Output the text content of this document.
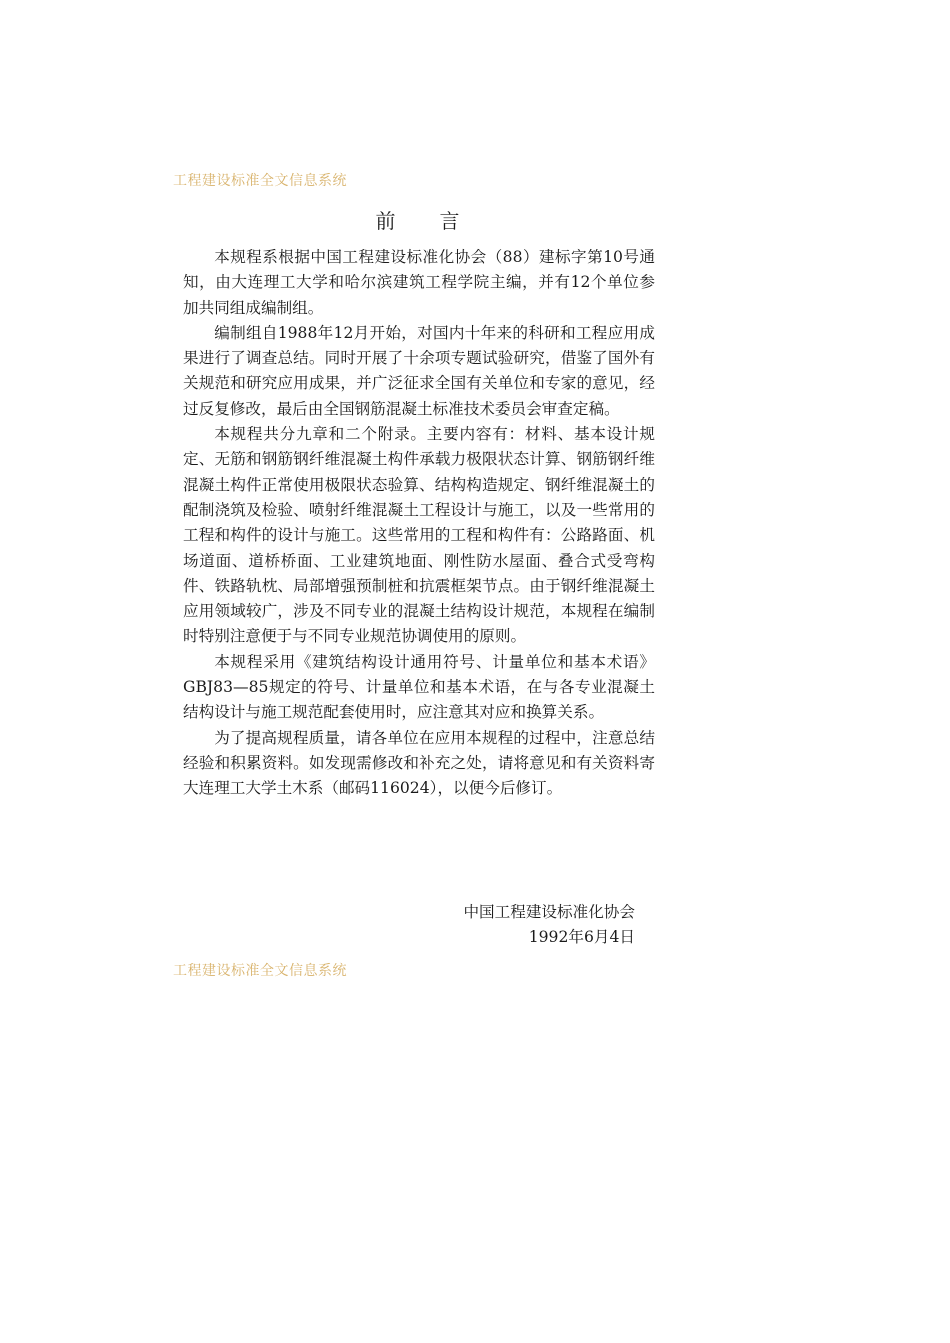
工程建设标准全文信息系统
前言

本规程系根据中国工程建设标准化协会（88）建标字第10号通知，由大连理工大学和哈尔滨建筑工程学院主编，并有12个单位参加共同组成编制组。

编制组自1988年12月开始，对国内十年来的科研和工程应用成果进行了调查总结。同时开展了十余项专题试验研究，借鉴了国外有关规范和研究应用成果，并广泛征求全国有关单位和专家的意见，经过反复修改，最后由全国钢筋混凝土标准技术委员会审查定稿。

本规程共分九章和二个附录。主要内容有：材料、基本设计规定、无筋和钢筋钢纤维混凝土构件承载力极限状态计算、钢筋钢纤维混凝土构件正常使用极限状态验算、结构构造规定、钢纤维混凝土的配制浇筑及检验、喷射纤维混凝土工程设计与施工，以及一些常用的工程和构件的设计与施工。这些常用的工程和构件有：公路路面、机场道面、道桥桥面、工业建筑地面、刚性防水屋面、叠合式受弯构件、铁路轨枕、局部增强预制桩和抗震框架节点。由于钢纤维混凝土应用领域较广，涉及不同专业的混凝土结构设计规范，本规程在编制时特别注意便于与不同专业规范协调使用的原则。

本规程采用《建筑结构设计通用符号、计量单位和基本术语》GBJ83—85规定的符号、计量单位和基本术语，在与各专业混凝土结构设计与施工规范配套使用时，应注意其对应和换算关系。

为了提高规程质量，请各单位在应用本规程的过程中，注意总结经验和积累资料。如发现需修改和补充之处，请将意见和有关资料寄大连理工大学土木系（邮码116024），以便今后修订。

中国工程建设标准化协会
1992年6月4日
工程建设标准全文信息系统
